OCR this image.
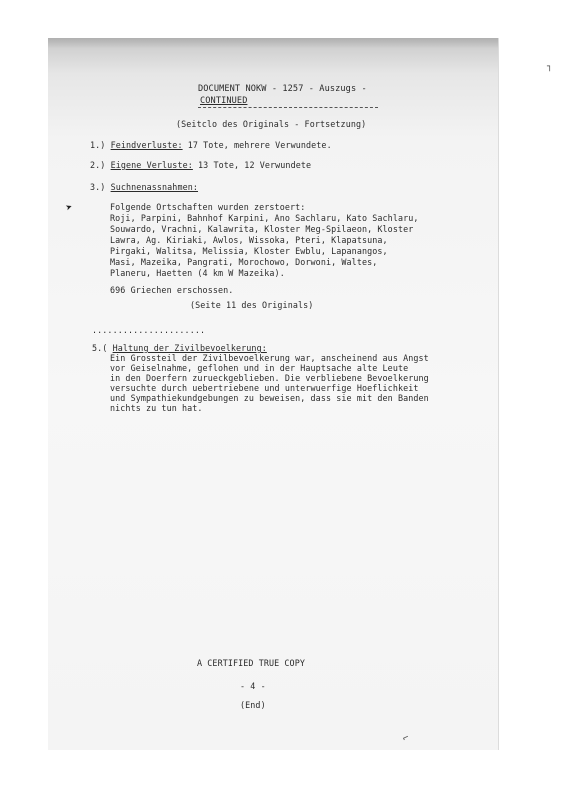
┐
⌐
DOCUMENT NOKW - 1257 - Auszugs -
CONTINUED
(Seitclo des Originals - Fortsetzung)
1.) Feindverluste: 17 Tote, mehrere Verwundete.
2.) Eigene Verluste: 13 Tote, 12 Verwundete
3.) Suchnenassnahmen:
➤	Folgende Ortschaften wurden zerstoert:
Roji, Parpini, Bahnhof Karpini, Ano Sachlaru, Kato Sachlaru,
Souwardo, Vrachni, Kalawrita, Kloster Meg-Spilaeon, Kloster
Lawra, Ag. Kiriaki, Awlos, Wissoka, Pteri, Klapatsuna,
Pirgaki, Walitsa, Melissia, Kloster Ewblu, Lapanangos,
Masi, Mazeika, Pangrati, Morochowo, Dorwoni, Waltes,
Planeru, Haetten (4 km W Mazeika).
696 Griechen erschossen.
(Seite 11 des Originals)
......................
5.( Haltung der Zivilbevoelkerung:
Ein Grossteil der Zivilbevoelkerung war, anscheinend aus Angst
vor Geiselnahme, geflohen und in der Hauptsache alte Leute
in den Doerfern zurueckgeblieben. Die verbliebene Bevoelkerung
versuchte durch uebertriebene und unterwuerfige Hoeflichkeit
und Sympathiekundgebungen zu beweisen, dass sie mit den Banden
nichts zu tun hat.
A CERTIFIED TRUE COPY
- 4 -
(End)
